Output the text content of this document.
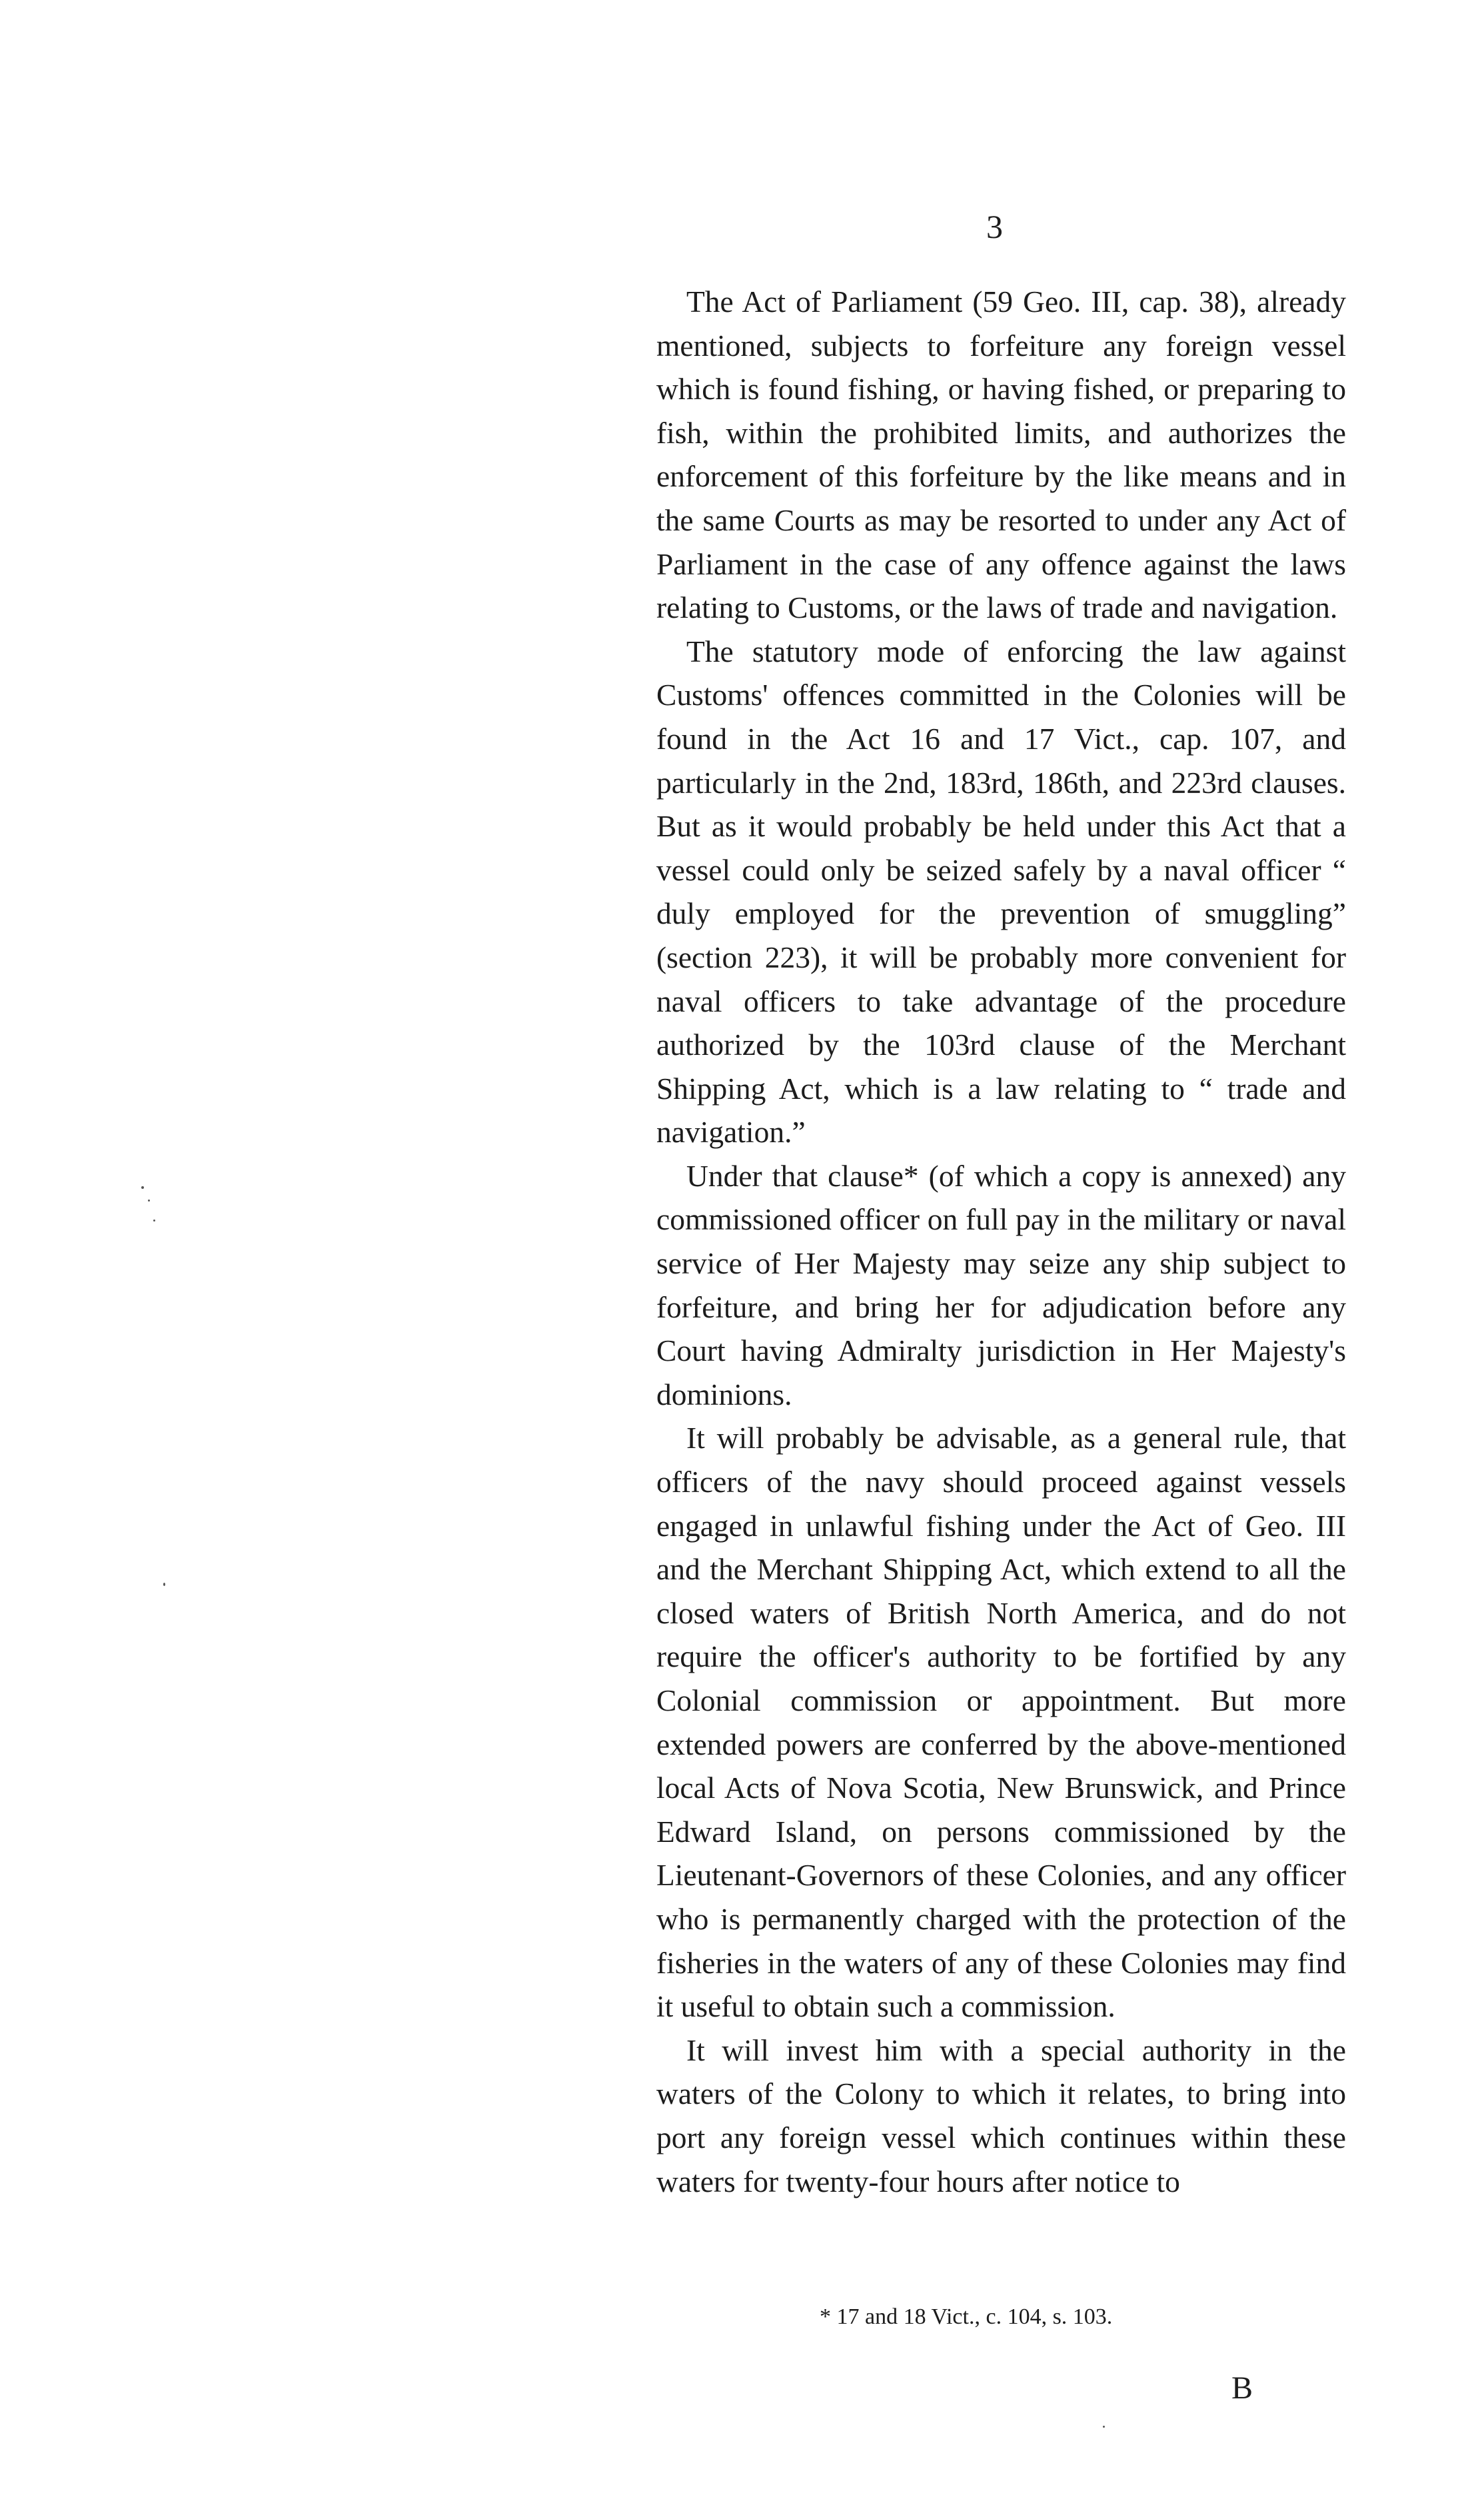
3

The Act of Parliament (59 Geo. III, cap. 38), already mentioned, subjects to forfeiture any foreign vessel which is found fishing, or having fished, or preparing to fish, within the prohibited limits, and authorizes the enforcement of this forfeiture by the like means and in the same Courts as may be resorted to under any Act of Parliament in the case of any offence against the laws relating to Customs, or the laws of trade and navigation.

The statutory mode of enforcing the law against Customs' offences committed in the Colonies will be found in the Act 16 and 17 Vict., cap. 107, and particularly in the 2nd, 183rd, 186th, and 223rd clauses. But as it would probably be held under this Act that a vessel could only be seized safely by a naval officer “ duly employed for the prevention of smuggling” (section 223), it will be probably more convenient for naval officers to take advantage of the procedure authorized by the 103rd clause of the Merchant Shipping Act, which is a law relating to “ trade and navigation.”

Under that clause* (of which a copy is annexed) any commissioned officer on full pay in the military or naval service of Her Majesty may seize any ship subject to forfeiture, and bring her for adjudication before any Court having Admiralty jurisdiction in Her Majesty's dominions.

It will probably be advisable, as a general rule, that officers of the navy should proceed against vessels engaged in unlawful fishing under the Act of Geo. III and the Merchant Shipping Act, which extend to all the closed waters of British North America, and do not require the officer's authority to be fortified by any Colonial commission or appointment. But more extended powers are conferred by the above-mentioned local Acts of Nova Scotia, New Brunswick, and Prince Edward Island, on persons commissioned by the Lieutenant-Governors of these Colonies, and any officer who is permanently charged with the protection of the fisheries in the waters of any of these Colonies may find it useful to obtain such a commission.

It will invest him with a special authority in the waters of the Colony to which it relates, to bring into port any foreign vessel which continues within these waters for twenty-four hours after notice to

* 17 and 18 Vict., c. 104, s. 103.
B
